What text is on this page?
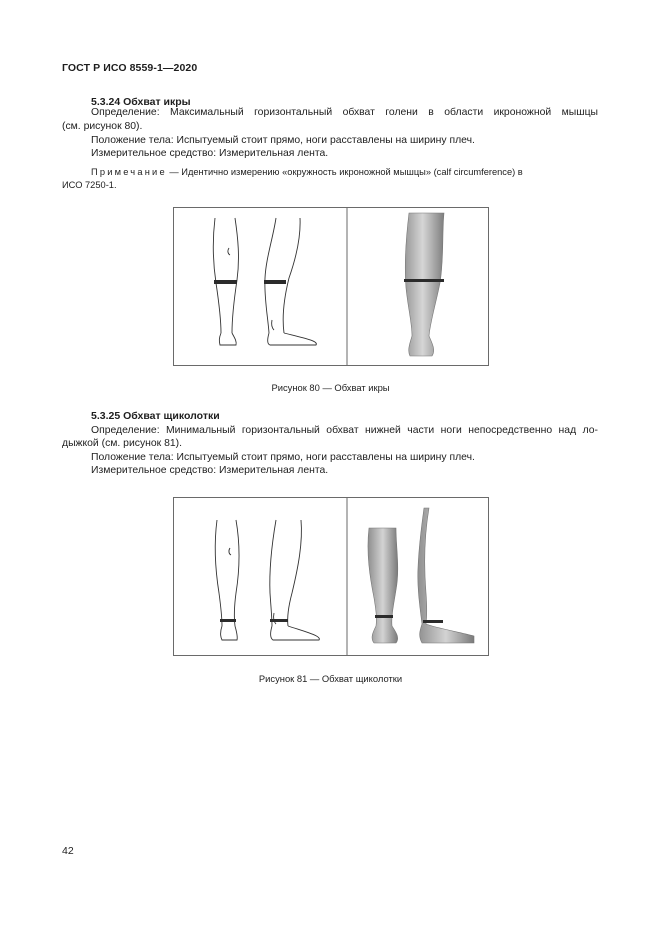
ГОСТ Р ИСО 8559-1—2020
5.3.24 Обхват икры
Определение: Максимальный горизонтальный обхват голени в области икроножной мышцы
(см. рисунок 80).
Положение тела: Испытуемый стоит прямо, ноги расставлены на ширину плеч.
Измерительное средство: Измерительная лента.
Примечание — Идентично измерению «окружность икроножной мышцы» (calf circumference) в
ИСО 7250-1.
Рисунок 80 — Обхват икры
5.3.25 Обхват щиколотки
Определение: Минимальный горизонтальный обхват нижней части ноги непосредственно над ло-
дыжкой (см. рисунок 81).
Положение тела: Испытуемый стоит прямо, ноги расставлены на ширину плеч.
Измерительное средство: Измерительная лента.
Рисунок 81 — Обхват щиколотки
42
